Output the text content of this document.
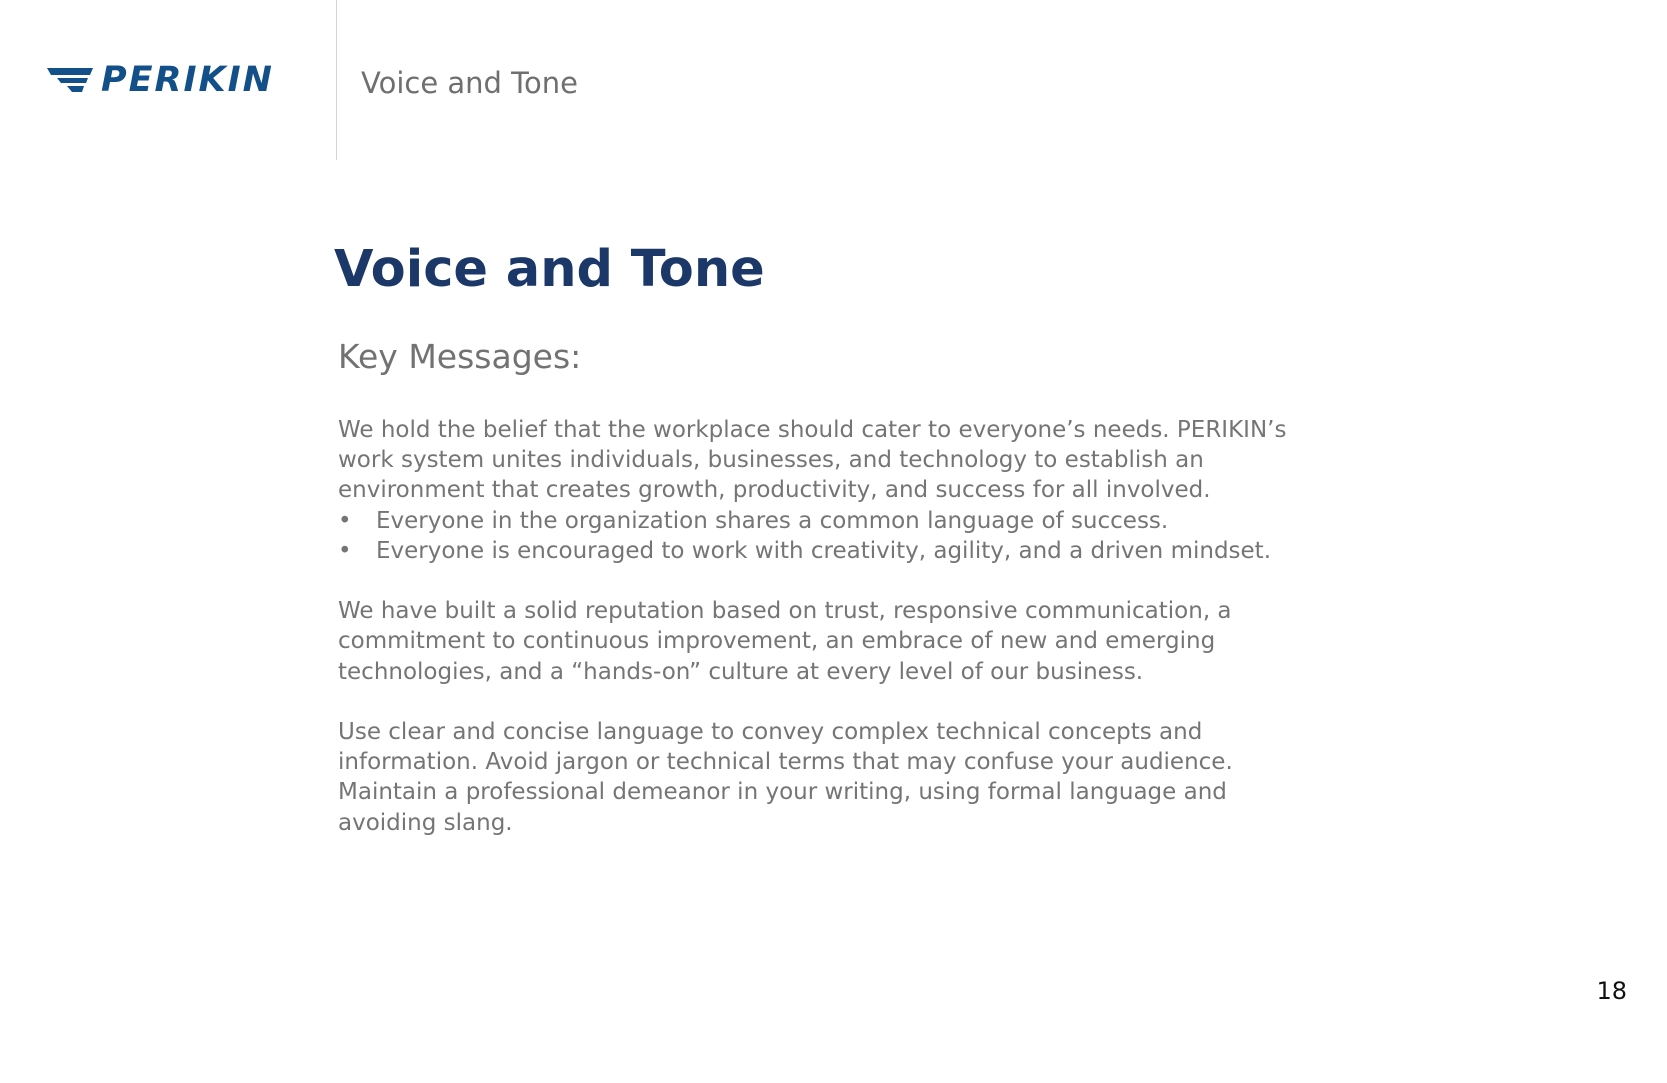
PERIKIN	Voice and Tone
Voice and Tone
Key Messages:

We hold the belief that the workplace should cater to everyone’s needs. PERIKIN’s work system unites individuals, businesses, and technology to establish an environment that creates growth, productivity, and success for all involved.

• Everyone in the organization shares a common language of success.
• Everyone is encouraged to work with creativity, agility, and a driven mindset.

We have built a solid reputation based on trust, responsive communication, a commitment to continuous improvement, an embrace of new and emerging technologies, and a “hands-on” culture at every level of our business.

Use clear and concise language to convey complex technical concepts and information. Avoid jargon or technical terms that may confuse your audience. Maintain a professional demeanor in your writing, using formal language and avoiding slang.

18
